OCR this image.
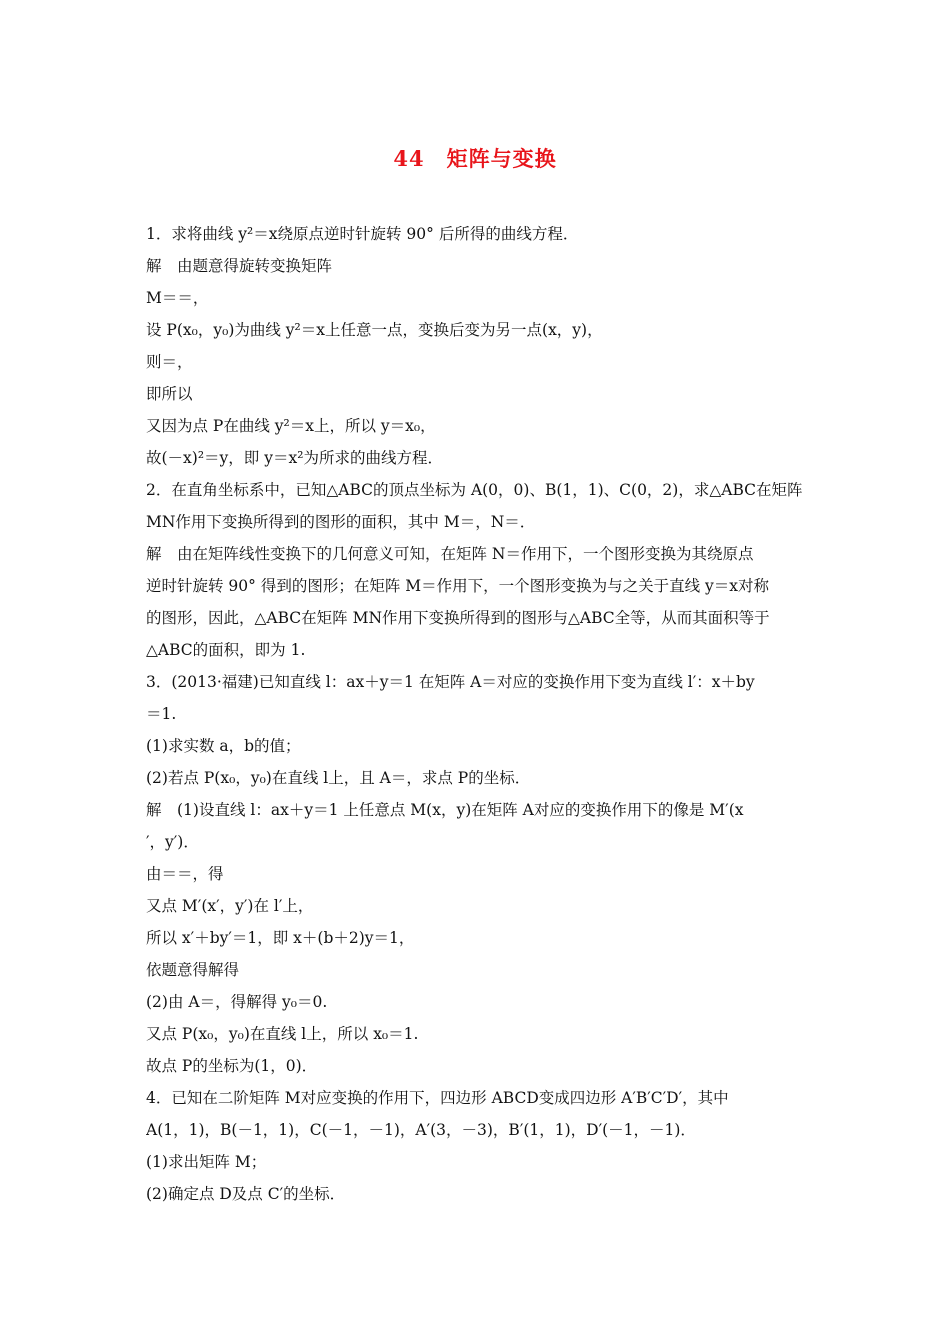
44　矩阵与变换
1．求将曲线 y²＝x绕原点逆时针旋转 90° 后所得的曲线方程．
解　由题意得旋转变换矩阵
M＝＝，
设 P(x₀，y₀)为曲线 y²＝x上任意一点，变换后变为另一点(x，y)，
则＝，
即所以
又因为点 P在曲线 y²＝x上，所以 y＝x₀，
故(－x)²＝y，即 y＝x²为所求的曲线方程．
2．在直角坐标系中，已知△ABC的顶点坐标为 A(0，0)、B(1，1)、C(0，2)，求△ABC在矩阵
MN作用下变换所得到的图形的面积，其中 M＝，N＝．
解　由在矩阵线性变换下的几何意义可知，在矩阵 N＝作用下，一个图形变换为其绕原点
逆时针旋转 90° 得到的图形；在矩阵 M＝作用下，一个图形变换为与之关于直线 y＝x对称
的图形，因此，△ABC在矩阵 MN作用下变换所得到的图形与△ABC全等，从而其面积等于
△ABC的面积，即为 1.
3．(2013·福建)已知直线 l：ax＋y＝1 在矩阵 A＝对应的变换作用下变为直线 l′：x＋by
＝1.
(1)求实数 a，b的值；
(2)若点 P(x₀，y₀)在直线 l上，且 A＝，求点 P的坐标．
解　(1)设直线 l：ax＋y＝1 上任意点 M(x，y)在矩阵 A对应的变换作用下的像是 M′(x
′，y′)．
由＝＝，得
又点 M′(x′，y′)在 l′上，
所以 x′＋by′＝1，即 x＋(b＋2)y＝1，
依题意得解得
(2)由 A＝，得解得 y₀＝0.
又点 P(x₀，y₀)在直线 l上，所以 x₀＝1.
故点 P的坐标为(1，0)．
4．已知在二阶矩阵 M对应变换的作用下，四边形 ABCD变成四边形 A′B′C′D′，其中
A(1，1)，B(－1，1)，C(－1，－1)，A′(3，－3)，B′(1，1)，D′(－1，－1)．
(1)求出矩阵 M；
(2)确定点 D及点 C′的坐标．
